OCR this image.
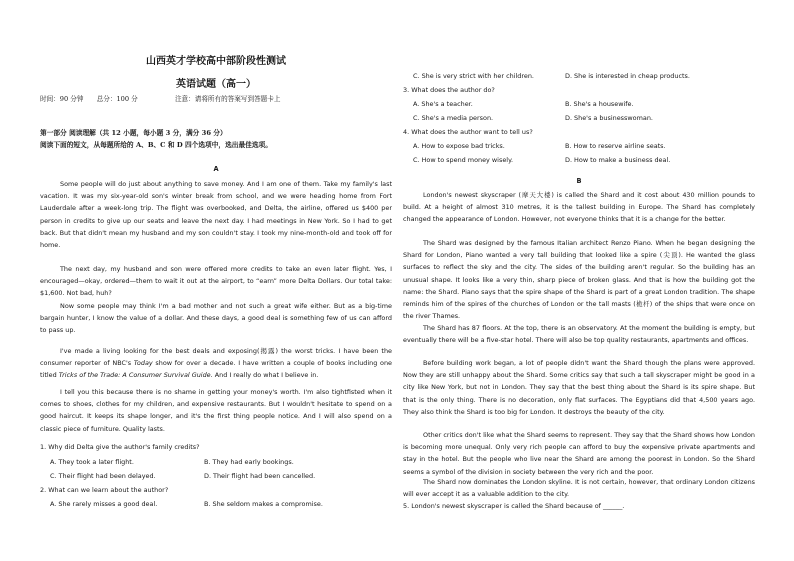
山西英才学校高中部阶段性测试
英语试题（高一）
时间：90 分钟 总分：100 分	注意：请将所有的答案写到答题卡上
第一部分 阅读理解（共 12 小题，每小题 3 分，满分 36 分）
阅读下面的短文，从每题所给的 A、B、C 和 D 四个选项中，选出最佳选项。
A

Some people will do just about anything to save money. And I am one of them. Take my family's last vacation. It was my six-year-old son's winter break from school, and we were heading home from Fort Lauderdale after a week-long trip. The flight was overbooked, and Delta, the airline, offered us $400 per person in credits to give up our seats and leave the next day. I had meetings in New York. So I had to get back. But that didn't mean my husband and my son couldn't stay. I took my nine-month-old and took off for home.

The next day, my husband and son were offered more credits to take an even later flight. Yes, I encouraged—okay, ordered—them to wait it out at the airport, to “earn” more Delta Dollars. Our total take: $1,600. Not bad, huh?

Now some people may think I'm a bad mother and not such a great wife either. But as a big-time bargain hunter, I know the value of a dollar. And these days, a good deal is something few of us can afford to pass up.

I've made a living looking for the best deals and exposing(揭露) the worst tricks. I have been the consumer reporter of NBC's Today show for over a decade. I have written a couple of books including one titled Tricks of the Trade: A Consumer Survival Guide. And I really do what I believe in.

I tell you this because there is no shame in getting your money's worth. I'm also tightfisted when it comes to shoes, clothes for my children, and expensive restaurants. But I wouldn't hesitate to spend on a good haircut. It keeps its shape longer, and it's the first thing people notice. And I will also spend on a classic piece of furniture. Quality lasts.

1. Why did Delta give the author's family credits?
A. They took a later flight.	B. They had early bookings.
C. Their flight had been delayed.	D. Their flight had been cancelled.
2. What can we learn about the author?
A. She rarely misses a good deal.	B. She seldom makes a compromise.
C. She is very strict with her children.	D. She is interested in cheap products.
3. What does the author do?
A. She's a teacher.	B. She's a housewife.
C. She's a media person.	D. She's a businesswoman.
4. What does the author want to tell us?
A. How to expose bad tricks.	B. How to reserve airline seats.
C. How to spend money wisely.	D. How to make a business deal.
B

London's newest skyscraper (摩天大楼) is called the Shard and it cost about 430 million pounds to build. At a height of almost 310 metres, it is the tallest building in Europe. The Shard has completely changed the appearance of London. However, not everyone thinks that it is a change for the better.

The Shard was designed by the famous Italian architect Renzo Piano. When he began designing the Shard for London, Piano wanted a very tall building that looked like a spire (尖顶). He wanted the glass surfaces to reflect the sky and the city. The sides of the building aren't regular. So the building has an unusual shape. It looks like a very thin, sharp piece of broken glass. And that is how the building got the name: the Shard. Piano says that the spire shape of the Shard is part of a great London tradition. The shape reminds him of the spires of the churches of London or the tall masts (桅杆) of the ships that were once on the river Thames.

The Shard has 87 floors. At the top, there is an observatory. At the moment the building is empty, but eventually there will be a five-star hotel. There will also be top quality restaurants, apartments and offices.

Before building work began, a lot of people didn't want the Shard though the plans were approved. Now they are still unhappy about the Shard. Some critics say that such a tall skyscraper might be good in a city like New York, but not in London. They say that the best thing about the Shard is its spire shape. But that is the only thing. There is no decoration, only flat surfaces. The Egyptians did that 4,500 years ago. They also think the Shard is too big for London. It destroys the beauty of the city.

Other critics don't like what the Shard seems to represent. They say that the Shard shows how London is becoming more unequal. Only very rich people can afford to buy the expensive private apartments and stay in the hotel. But the people who live near the Shard are among the poorest in London. So the Shard seems a symbol of the division in society between the very rich and the poor.

The Shard now dominates the London skyline. It is not certain, however, that ordinary London citizens will ever accept it as a valuable addition to the city.

5. London's newest skyscraper is called the Shard because of ______.
